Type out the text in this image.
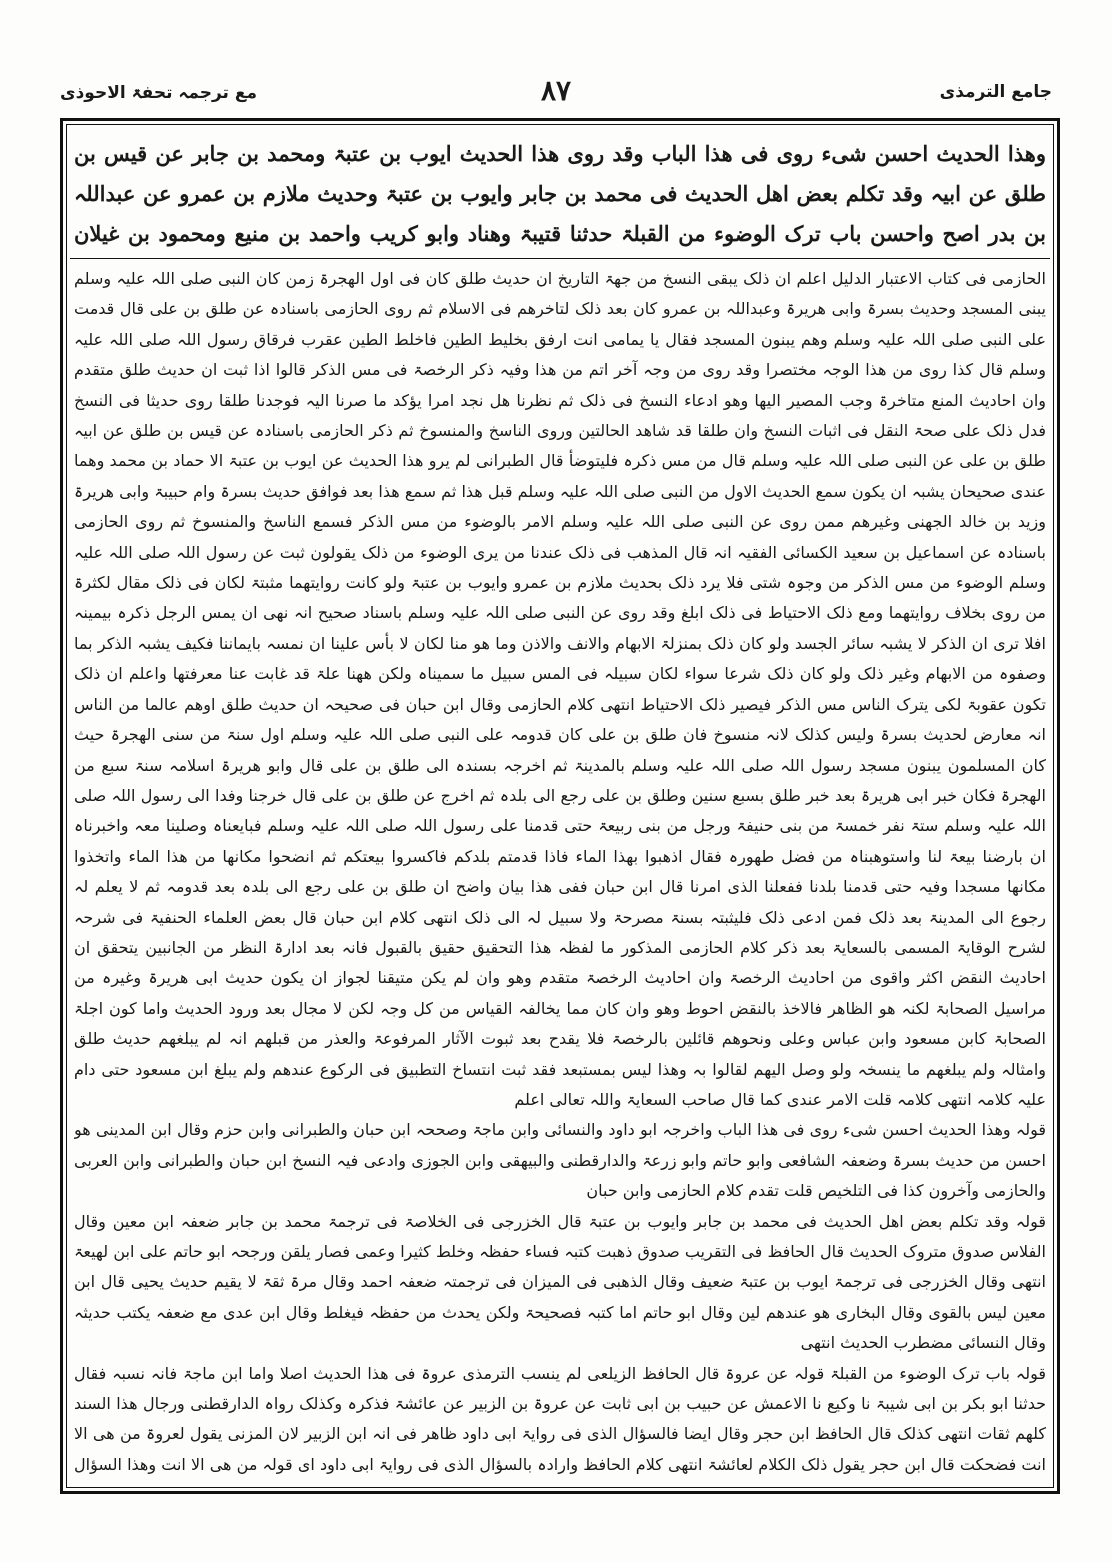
جامع الترمذی
۸۷
مع ترجمہ تحفۃ الاحوذی
وھذا الحدیث احسن شیء روی فی ھذا الباب وقد روی ھذا الحدیث ایوب بن عتبۃ ومحمد بن جابر عن قیس بن طلق عن ابیہ وقد تکلم بعض اھل الحدیث فی محمد بن جابر وایوب بن عتبۃ وحدیث ملازم بن عمرو عن عبداللہ بن بدر اصح واحسن باب ترک الوضوء من القبلۃ حدثنا قتیبۃ وھناد وابو کریب واحمد بن منیع ومحمود بن غیلان

الحازمی فی کتاب الاعتبار الدلیل اعلم ان ذلک یبقی النسخ من جھۃ التاریخ ان حدیث طلق کان فی اول الھجرۃ زمن کان النبی صلی اللہ علیہ وسلم یبنی المسجد وحدیث بسرۃ وابی ھریرۃ وعبداللہ بن عمرو کان بعد ذلک لتاخرھم فی الاسلام ثم روی الحازمی باسنادہ عن طلق بن علی قال قدمت علی النبی صلی اللہ علیہ وسلم وھم یبنون المسجد فقال یا یمامی انت ارفق بخلیط الطین فاخلط الطین عقرب فرقاق رسول اللہ صلی اللہ علیہ وسلم قال کذا روی من ھذا الوجہ مختصرا وقد روی من وجہ آخر اتم من ھذا وفیہ ذکر الرخصۃ فی مس الذکر قالوا اذا ثبت ان حدیث طلق متقدم وان احادیث المنع متاخرۃ وجب المصیر الیھا وھو ادعاء النسخ فی ذلک ثم نظرنا ھل نجد امرا یؤکد ما صرنا الیہ فوجدنا طلقا روی حدیثا فی النسخ فدل ذلک علی صحۃ النقل فی اثبات النسخ وان طلقا قد شاھد الحالتین وروی الناسخ والمنسوخ ثم ذکر الحازمی باسنادہ عن قیس بن طلق عن ابیہ طلق بن علی عن النبی صلی اللہ علیہ وسلم قال من مس ذکرہ فلیتوضأ قال الطبرانی لم یرو ھذا الحدیث عن ایوب بن عتبۃ الا حماد بن محمد وھما عندی صحیحان یشبہ ان یکون سمع الحدیث الاول من النبی صلی اللہ علیہ وسلم قبل ھذا ثم سمع ھذا بعد فوافق حدیث بسرۃ وام حبیبۃ وابی ھریرۃ وزید بن خالد الجھنی وغیرھم ممن روی عن النبی صلی اللہ علیہ وسلم الامر بالوضوء من مس الذکر فسمع الناسخ والمنسوخ ثم روی الحازمی باسنادہ عن اسماعیل بن سعید الکسائی الفقیہ انہ قال المذھب فی ذلک عندنا من یری الوضوء من ذلک یقولون ثبت عن رسول اللہ صلی اللہ علیہ وسلم الوضوء من مس الذکر من وجوہ شتی فلا یرد ذلک بحدیث ملازم بن عمرو وایوب بن عتبۃ ولو کانت روایتھما مثبتۃ لکان فی ذلک مقال لکثرۃ من روی بخلاف روایتھما ومع ذلک الاحتیاط فی ذلک ابلغ وقد روی عن النبی صلی اللہ علیہ وسلم باسناد صحیح انہ نھی ان یمس الرجل ذکرہ بیمینہ افلا تری ان الذکر لا یشبہ سائر الجسد ولو کان ذلک بمنزلۃ الابھام والانف والاذن وما ھو منا لکان لا بأس علینا ان نمسہ بایماننا فکیف یشبہ الذکر بما وصفوہ من الابھام وغیر ذلک ولو کان ذلک شرعا سواء لکان سبیلہ فی المس سبیل ما سمیناہ ولکن ھھنا علۃ قد غابت عنا معرفتھا واعلم ان ذلک تکون عقوبۃ لکی یترک الناس مس الذکر فیصیر ذلک الاحتیاط انتھی کلام الحازمی وقال ابن حبان فی صحیحہ ان حدیث طلق اوھم عالما من الناس انہ معارض لحدیث بسرۃ ولیس کذلک لانہ منسوخ فان طلق بن علی کان قدومہ علی النبی صلی اللہ علیہ وسلم اول سنۃ من سنی الھجرۃ حیث کان المسلمون یبنون مسجد رسول اللہ صلی اللہ علیہ وسلم بالمدینۃ ثم اخرجہ بسندہ الی طلق بن علی قال وابو ھریرۃ اسلامہ سنۃ سبع من الھجرۃ فکان خبر ابی ھریرۃ بعد خبر طلق بسبع سنین وطلق بن علی رجع الی بلدہ ثم اخرج عن طلق بن علی قال خرجنا وفدا الی رسول اللہ صلی اللہ علیہ وسلم ستۃ نفر خمسۃ من بنی حنیفۃ ورجل من بنی ربیعۃ حتی قدمنا علی رسول اللہ صلی اللہ علیہ وسلم فبایعناہ وصلینا معہ واخبرناہ ان بارضنا بیعۃ لنا واستوھبناہ من فضل طھورہ فقال اذھبوا بھذا الماء فاذا قدمتم بلدکم فاکسروا بیعتکم ثم انضحوا مکانھا من ھذا الماء واتخذوا مکانھا مسجدا وفیہ حتی قدمنا بلدنا ففعلنا الذی امرنا قال ابن حبان ففی ھذا بیان واضح ان طلق بن علی رجع الی بلدہ بعد قدومہ ثم لا یعلم لہ رجوع الی المدینۃ بعد ذلک فمن ادعی ذلک فلیثبتہ بسنۃ مصرحۃ ولا سبیل لہ الی ذلک انتھی کلام ابن حبان قال بعض العلماء الحنفیۃ فی شرحہ لشرح الوقایۃ المسمی بالسعایۃ بعد ذکر کلام الحازمی المذکور ما لفظہ ھذا التحقیق حقیق بالقبول فانہ بعد ادارۃ النظر من الجانبین یتحقق ان احادیث النقض اکثر واقوی من احادیث الرخصۃ وان احادیث الرخصۃ متقدم وھو وان لم یکن متیقنا لجواز ان یکون حدیث ابی ھریرۃ وغیرہ من مراسیل الصحابۃ لکنہ ھو الظاھر فالاخذ بالنقض احوط وھو وان کان مما یخالفہ القیاس من کل وجہ لکن لا مجال بعد ورود الحدیث واما کون اجلۃ الصحابۃ کابن مسعود وابن عباس وعلی ونحوھم قائلین بالرخصۃ فلا یقدح بعد ثبوت الآثار المرفوعۃ والعذر من قبلھم انہ لم یبلغھم حدیث طلق وامثالہ ولم یبلغھم ما ینسخہ ولو وصل الیھم لقالوا بہ وھذا لیس بمستبعد فقد ثبت انتساخ التطبیق فی الرکوع عندھم ولم یبلغ ابن مسعود حتی دام علیہ کلامہ انتھی کلامہ قلت الامر عندی کما قال صاحب السعایۃ واللہ تعالی اعلم

قولہ وھذا الحدیث احسن شیء روی فی ھذا الباب واخرجہ ابو داود والنسائی وابن ماجۃ وصححہ ابن حبان والطبرانی وابن حزم وقال ابن المدینی ھو احسن من حدیث بسرۃ وضعفہ الشافعی وابو حاتم وابو زرعۃ والدارقطنی والبیھقی وابن الجوزی وادعی فیہ النسخ ابن حبان والطبرانی وابن العربی والحازمی وآخرون کذا فی التلخیص قلت تقدم کلام الحازمی وابن حبان

قولہ وقد تکلم بعض اھل الحدیث فی محمد بن جابر وایوب بن عتبۃ قال الخزرجی فی الخلاصۃ فی ترجمۃ محمد بن جابر ضعفہ ابن معین وقال الفلاس صدوق متروک الحدیث قال الحافظ فی التقریب صدوق ذھبت کتبہ فساء حفظہ وخلط کثیرا وعمی فصار یلقن ورجحہ ابو حاتم علی ابن لھیعۃ انتھی وقال الخزرجی فی ترجمۃ ایوب بن عتبۃ ضعیف وقال الذھبی فی المیزان فی ترجمتہ ضعفہ احمد وقال مرۃ ثقۃ لا یقیم حدیث یحیی قال ابن معین لیس بالقوی وقال البخاری ھو عندھم لین وقال ابو حاتم اما کتبہ فصحیحۃ ولکن یحدث من حفظہ فیغلط وقال ابن عدی مع ضعفہ یکتب حدیثہ وقال النسائی مضطرب الحدیث انتھی

قولہ باب ترک الوضوء من القبلۃ قولہ عن عروۃ قال الحافظ الزیلعی لم ینسب الترمذی عروۃ فی ھذا الحدیث اصلا واما ابن ماجۃ فانہ نسبہ فقال حدثنا ابو بکر بن ابی شیبۃ نا وکیع نا الاعمش عن حبیب بن ابی ثابت عن عروۃ بن الزبیر عن عائشۃ فذکرہ وکذلک رواہ الدارقطنی ورجال ھذا السند کلھم ثقات انتھی کذلک قال الحافظ ابن حجر وقال ایضا فالسؤال الذی فی روایۃ ابی داود ظاھر فی انہ ابن الزبیر لان المزنی یقول لعروۃ من ھی الا انت فضحکت قال ابن حجر یقول ذلک الکلام لعائشۃ انتھی کلام الحافظ وارادہ بالسؤال الذی فی روایۃ ابی داود ای قولہ من ھی الا انت وھذا السؤال
